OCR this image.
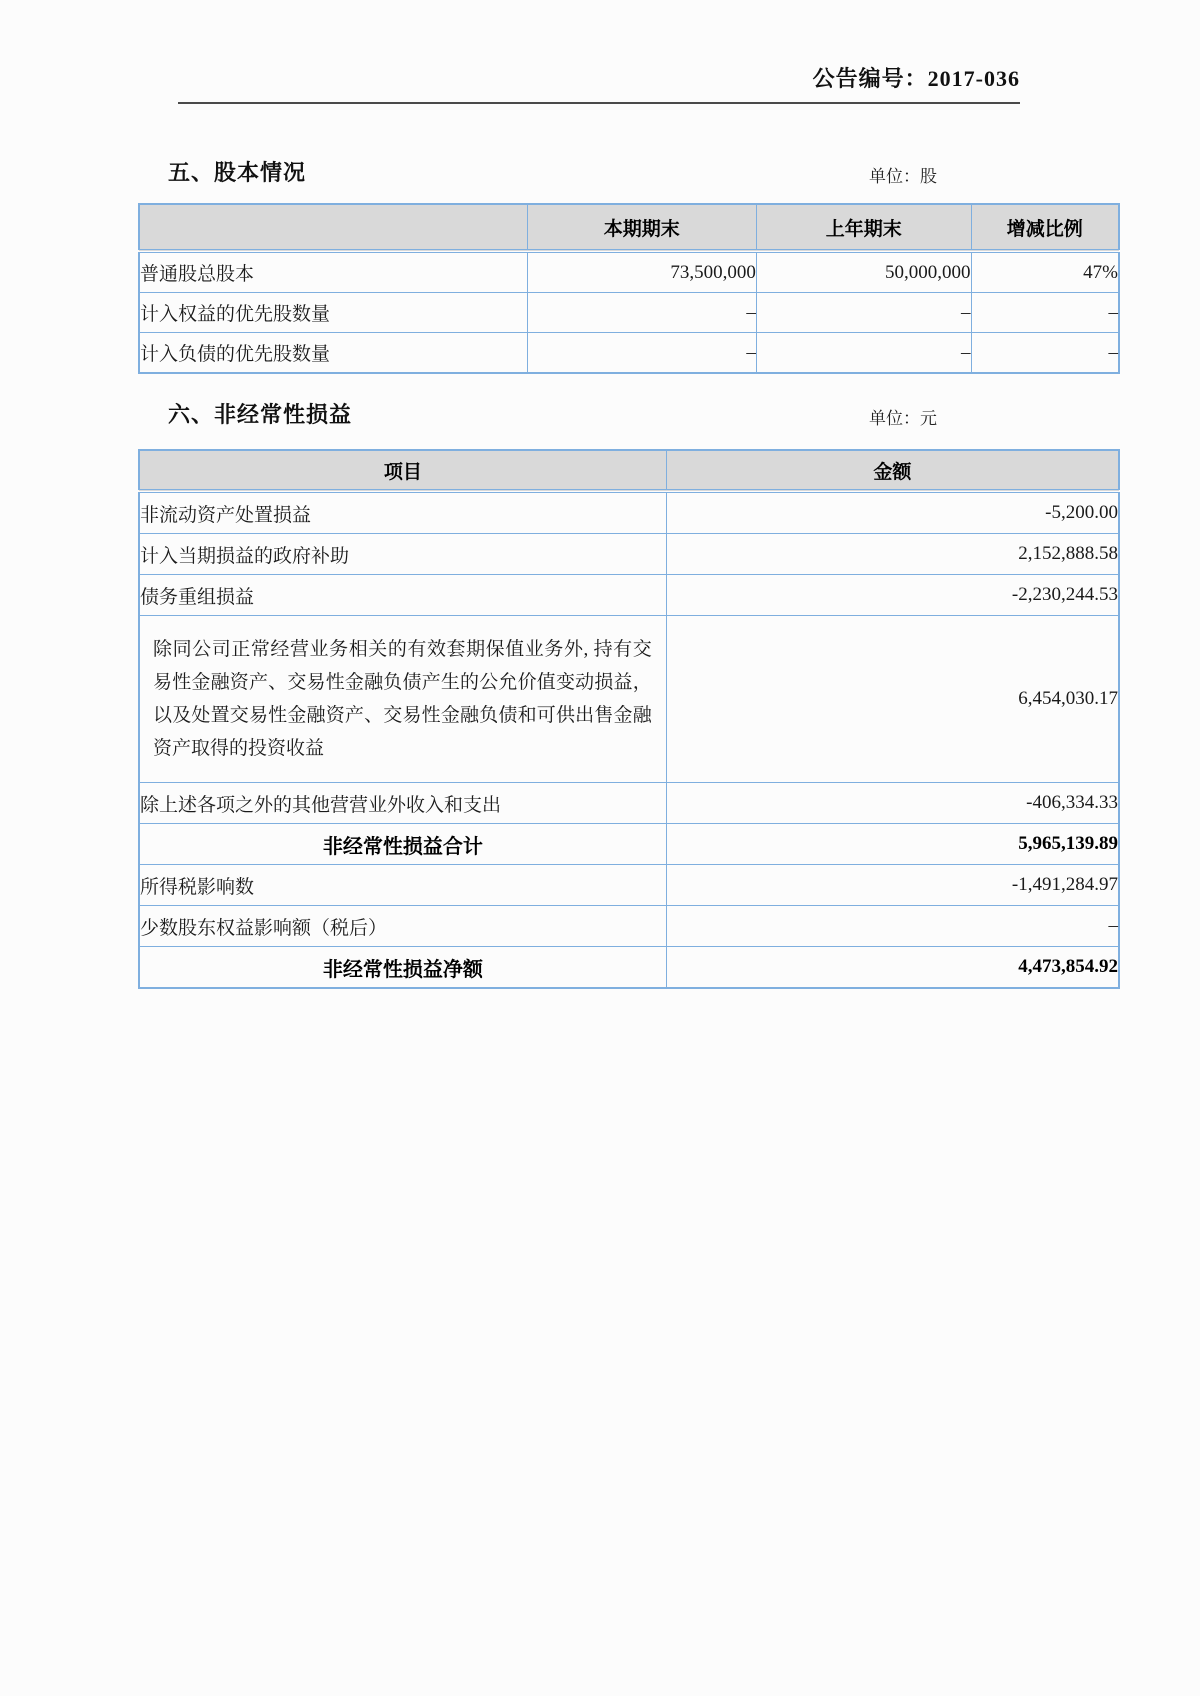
公告编号：2017-036
五、股本情况	单位：股
	本期期末	上年期末	增减比例
普通股总股本	73,500,000	50,000,000	47%
计入权益的优先股数量	–	–	–
计入负债的优先股数量	–	–	–
六、非经常性损益	单位：元
项目	金额
非流动资产处置损益	-5,200.00
计入当期损益的政府补助	2,152,888.58
债务重组损益	-2,230,244.53
除同公司正常经营业务相关的有效套期保值业务外, 持有交易性金融资产、交易性金融负债产生的公允价值变动损益，以及处置交易性金融资产、交易性金融负债和可供出售金融资产取得的投资收益	6,454,030.17
除上述各项之外的其他营营业外收入和支出	-406,334.33
非经常性损益合计	5,965,139.89
所得税影响数	-1,491,284.97
少数股东权益影响额（税后）	–
非经常性损益净额	4,473,854.92
